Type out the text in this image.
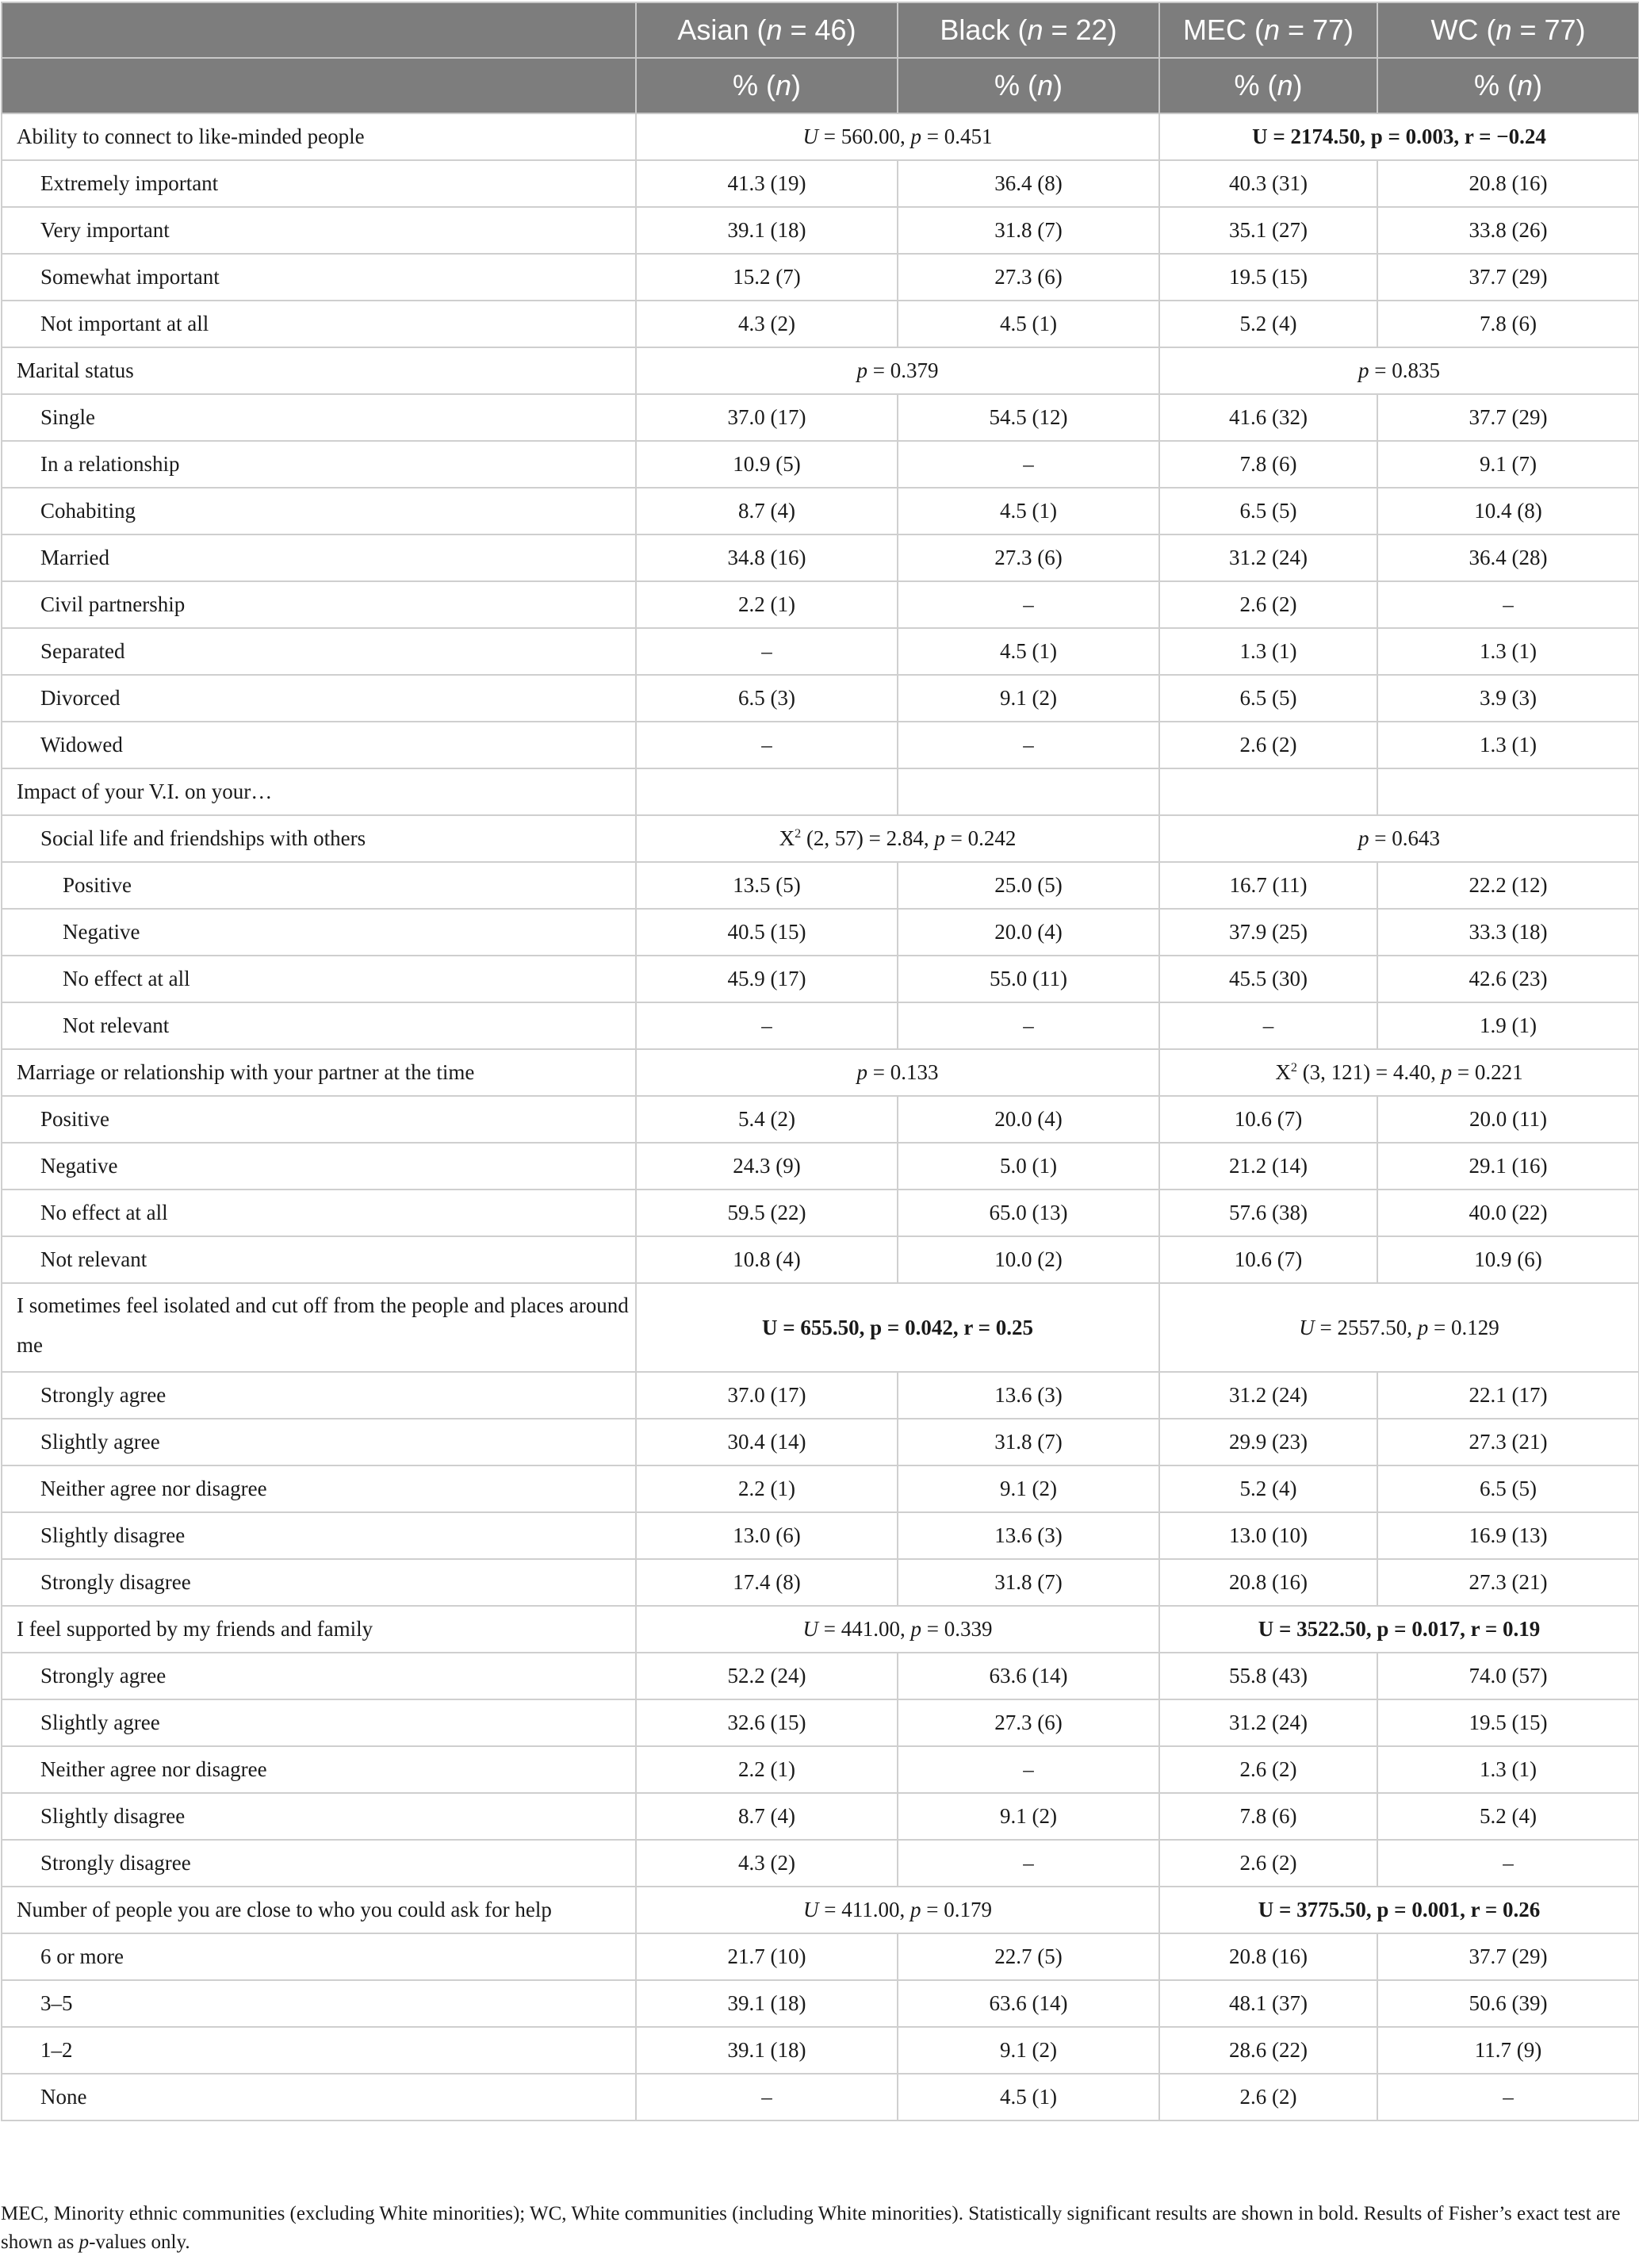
	Asian (n = 46)	Black (n = 22)	MEC (n = 77)	WC (n = 77)
	% (n)	% (n)	% (n)	% (n)
Ability to connect to like-minded people	U = 560.00, p = 0.451		U = 2174.50, p = 0.003, r = −0.24	
Extremely important	41.3 (19)	36.4 (8)	40.3 (31)	20.8 (16)
Very important	39.1 (18)	31.8 (7)	35.1 (27)	33.8 (26)
Somewhat important	15.2 (7)	27.3 (6)	19.5 (15)	37.7 (29)
Not important at all	4.3 (2)	4.5 (1)	5.2 (4)	7.8 (6)
Marital status	p = 0.379		p = 0.835	
Single	37.0 (17)	54.5 (12)	41.6 (32)	37.7 (29)
In a relationship	10.9 (5)	–	7.8 (6)	9.1 (7)
Cohabiting	8.7 (4)	4.5 (1)	6.5 (5)	10.4 (8)
Married	34.8 (16)	27.3 (6)	31.2 (24)	36.4 (28)
Civil partnership	2.2 (1)	–	2.6 (2)	–
Separated	–	4.5 (1)	1.3 (1)	1.3 (1)
Divorced	6.5 (3)	9.1 (2)	6.5 (5)	3.9 (3)
Widowed	–	–	2.6 (2)	1.3 (1)
Impact of your V.I. on your…				
Social life and friendships with others	$X^2$ (2, 57) = 2.84, p = 0.242		p = 0.643	
Positive	13.5 (5)	25.0 (5)	16.7 (11)	22.2 (12)
Negative	40.5 (15)	20.0 (4)	37.9 (25)	33.3 (18)
No effect at all	45.9 (17)	55.0 (11)	45.5 (30)	42.6 (23)
Not relevant	–	–	–	1.9 (1)
Marriage or relationship with your partner at the time	p = 0.133		$X^2$ (3, 121) = 4.40, p = 0.221	
Positive	5.4 (2)	20.0 (4)	10.6 (7)	20.0 (11)
Negative	24.3 (9)	5.0 (1)	21.2 (14)	29.1 (16)
No effect at all	59.5 (22)	65.0 (13)	57.6 (38)	40.0 (22)
Not relevant	10.8 (4)	10.0 (2)	10.6 (7)	10.9 (6)
I sometimes feel isolated and cut off from the people and places around me	U = 655.50, p = 0.042, r = 0.25		U = 2557.50, p = 0.129	
Strongly agree	37.0 (17)	13.6 (3)	31.2 (24)	22.1 (17)
Slightly agree	30.4 (14)	31.8 (7)	29.9 (23)	27.3 (21)
Neither agree nor disagree	2.2 (1)	9.1 (2)	5.2 (4)	6.5 (5)
Slightly disagree	13.0 (6)	13.6 (3)	13.0 (10)	16.9 (13)
Strongly disagree	17.4 (8)	31.8 (7)	20.8 (16)	27.3 (21)
I feel supported by my friends and family	U = 441.00, p = 0.339		U = 3522.50, p = 0.017, r = 0.19	
Strongly agree	52.2 (24)	63.6 (14)	55.8 (43)	74.0 (57)
Slightly agree	32.6 (15)	27.3 (6)	31.2 (24)	19.5 (15)
Neither agree nor disagree	2.2 (1)	–	2.6 (2)	1.3 (1)
Slightly disagree	8.7 (4)	9.1 (2)	7.8 (6)	5.2 (4)
Strongly disagree	4.3 (2)	–	2.6 (2)	–
Number of people you are close to who you could ask for help	U = 411.00, p = 0.179		U = 3775.50, p = 0.001, r = 0.26	
6 or more	21.7 (10)	22.7 (5)	20.8 (16)	37.7 (29)
3–5	39.1 (18)	63.6 (14)	48.1 (37)	50.6 (39)
1–2	39.1 (18)	9.1 (2)	28.6 (22)	11.7 (9)
None	–	4.5 (1)	2.6 (2)	–
MEC, Minority ethnic communities (excluding White minorities); WC, White communities (including White minorities). Statistically significant results are shown in bold. Results of Fisher’s exact test are shown as p-values only.
